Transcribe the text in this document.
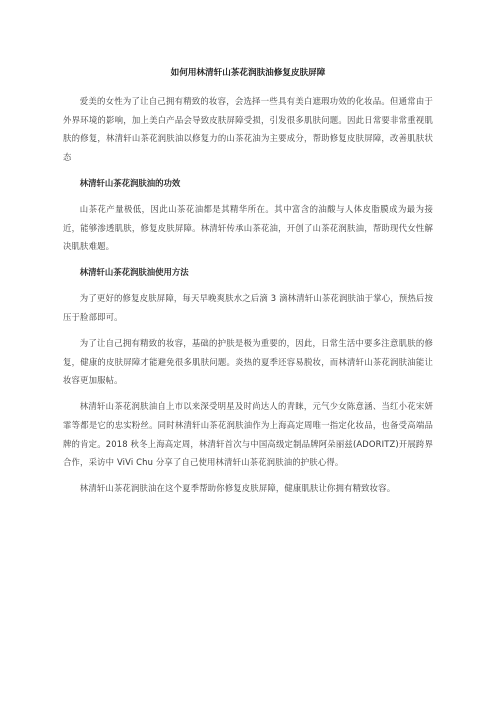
如何用林清轩山茶花润肤油修复皮肤屏障

爱美的女性为了让自己拥有精致的妆容，会选择一些具有美白遮瑕功效的化妆品。但通常由于外界环境的影响，加上美白产品会导致皮肤屏障受损，引发很多肌肤问题。因此日常要非常重视肌肤的修复，林清轩山茶花润肤油以修复力的山茶花油为主要成分，帮助修复皮肤屏障，改善肌肤状态

林清轩山茶花润肤油的功效

山茶花产量极低，因此山茶花油都是其精华所在。其中富含的油酸与人体皮脂膜成为最为接近，能够渗透肌肤，修复皮肤屏障。林清轩传承山茶花油，开创了山茶花润肤油，帮助现代女性解决肌肤难题。

林清轩山茶花润肤油使用方法

为了更好的修复皮肤屏障，每天早晚爽肤水之后滴 3 滴林清轩山茶花润肤油于掌心，预热后按压于脸部即可。

为了让自己拥有精致的妆容，基础的护肤是极为重要的，因此，日常生活中要多注意肌肤的修复，健康的皮肤屏障才能避免很多肌肤问题。炎热的夏季还容易脱妆，而林清轩山茶花润肤油能让妆容更加服帖。

林清轩山茶花润肤油自上市以来深受明星及时尚达人的青睐，元气少女陈意涵、当红小花宋妍霏等都是它的忠实粉丝。同时林清轩山茶花润肤油作为上海高定周唯一指定化妆品，也备受高端品牌的肯定。2018 秋冬上海高定周，林清轩首次与中国高级定制品牌阿朵丽兹(ADORITZ)开展跨界合作，采访中 ViVi Chu 分享了自己使用林清轩山茶花润肤油的护肤心得。

林清轩山茶花润肤油在这个夏季帮助你修复皮肤屏障，健康肌肤让你拥有精致妆容。
